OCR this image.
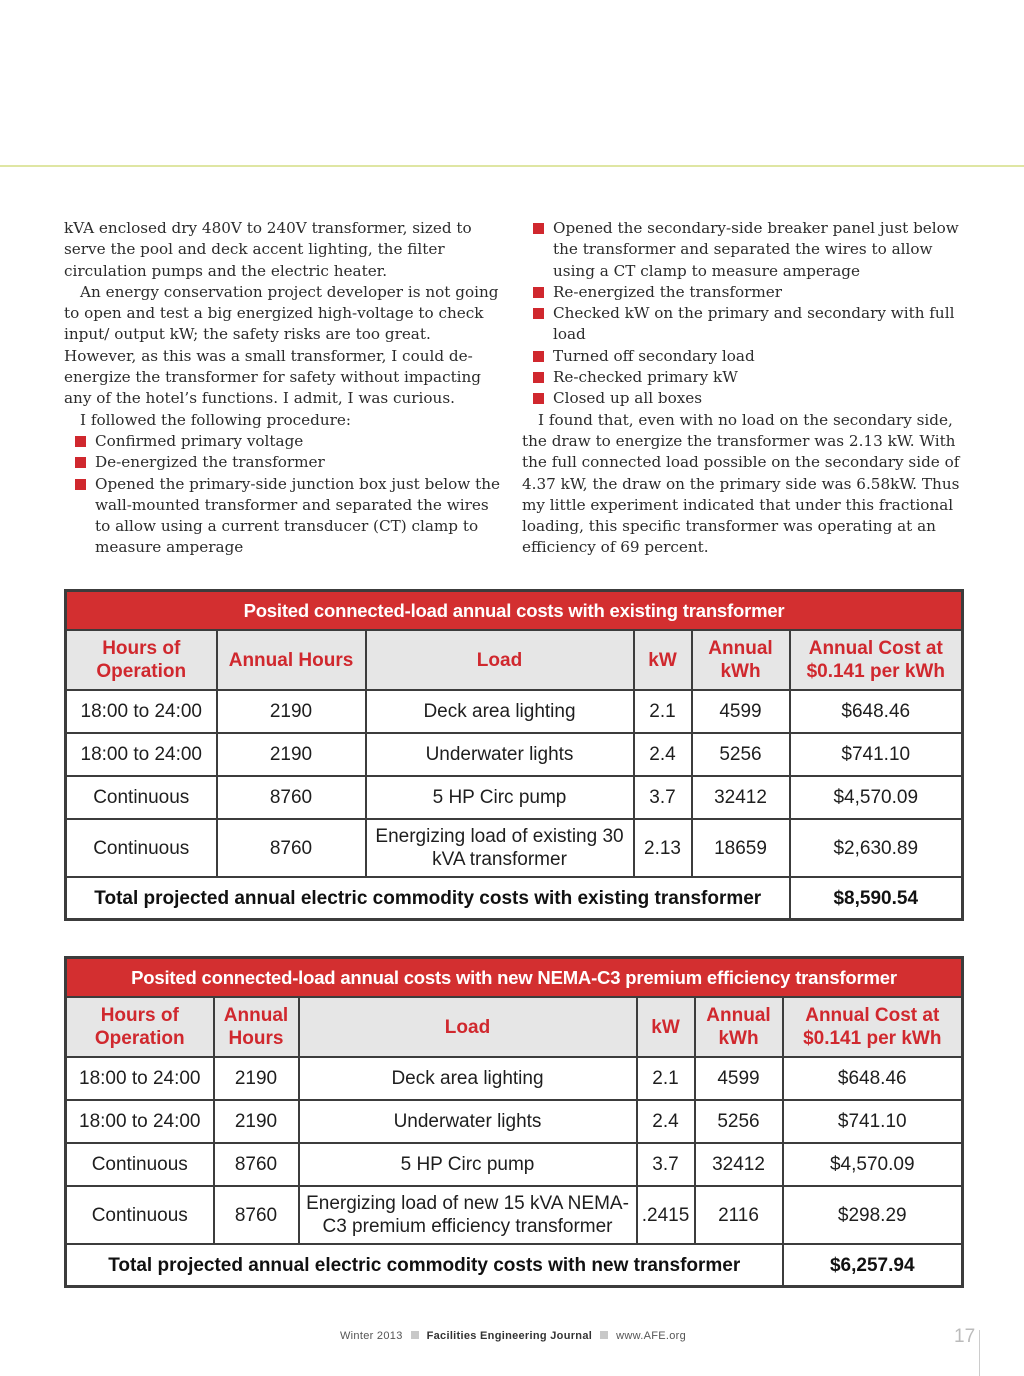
kVA enclosed dry 480V to 240V transformer, sized to serve the pool and deck accent lighting, the filter circulation pumps and the electric heater.

An energy conservation project developer is not going to open and test a big energized high-voltage to check input/ output kW; the safety risks are too great. However, as this was a small transformer, I could de-energize the transformer for safety without impacting any of the hotel’s functions. I admit, I was curious.

I followed the following procedure:

Confirmed primary voltage
De-energized the transformer
Opened the primary-side junction box just below the wall-mounted transformer and separated the wires to allow using a current transducer (CT) clamp to measure amperage
Opened the secondary-side breaker panel just below the transformer and separated the wires to allow using a CT clamp to measure amperage
Re-energized the transformer
Checked kW on the primary and secondary with full load
Turned off secondary load
Re-checked primary kW
Closed up all boxes

I found that, even with no load on the secondary side, the draw to energize the transformer was 2.13 kW. With the full connected load possible on the secondary side of 4.37 kW, the draw on the primary side was 6.58kW. Thus my little experiment indicated that under this fractional loading, this specific transformer was operating at an efficiency of 69 percent.

Posited connected-load annual costs with existing transformer					
Hours of Operation	Annual Hours	Load	kW	Annual kWh	Annual Cost at $0.141 per kWh
18:00 to 24:00	2190	Deck area lighting	2.1	4599	$648.46
18:00 to 24:00	2190	Underwater lights	2.4	5256	$741.10
Continuous	8760	5 HP Circ pump	3.7	32412	$4,570.09
Continuous	8760	Energizing load of existing 30 kVA transformer	2.13	18659	$2,630.89
Total projected annual electric commodity costs with existing transformer					$8,590.54
Posited connected-load annual costs with new NEMA-C3 premium efficiency transformer					
Hours of Operation	Annual Hours	Load	kW	Annual kWh	Annual Cost at $0.141 per kWh
18:00 to 24:00	2190	Deck area lighting	2.1	4599	$648.46
18:00 to 24:00	2190	Underwater lights	2.4	5256	$741.10
Continuous	8760	5 HP Circ pump	3.7	32412	$4,570.09
Continuous	8760	Energizing load of new 15 kVA NEMA-C3 premium efficiency transformer	.2415	2116	$298.29
Total projected annual electric commodity costs with new transformer					$6,257.94
Winter 2013 Facilities Engineering Journal www.AFE.org	17
